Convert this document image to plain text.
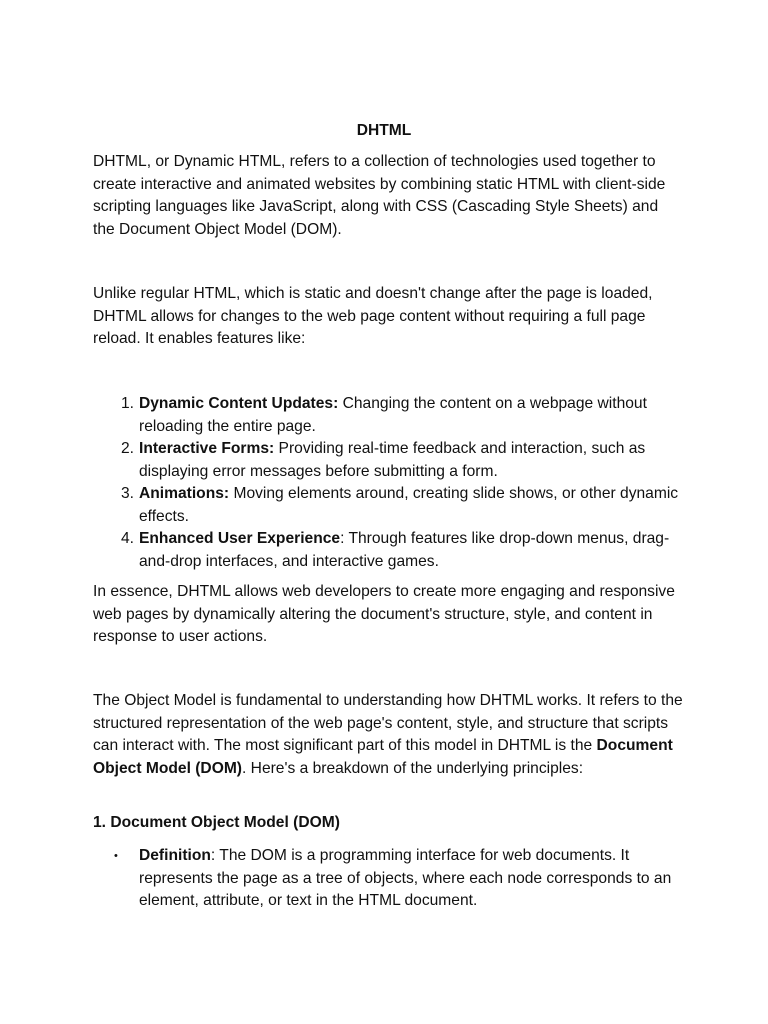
DHTML

DHTML, or Dynamic HTML, refers to a collection of technologies used together to create interactive and animated websites by combining static HTML with client-side scripting languages like JavaScript, along with CSS (Cascading Style Sheets) and the Document Object Model (DOM).

Unlike regular HTML, which is static and doesn't change after the page is loaded, DHTML allows for changes to the web page content without requiring a full page reload. It enables features like:

1. Dynamic Content Updates: Changing the content on a webpage without reloading the entire page.
2. Interactive Forms: Providing real-time feedback and interaction, such as displaying error messages before submitting a form.
3. Animations: Moving elements around, creating slide shows, or other dynamic effects.
4. Enhanced User Experience: Through features like drop-down menus, drag-and-drop interfaces, and interactive games.

In essence, DHTML allows web developers to create more engaging and responsive web pages by dynamically altering the document's structure, style, and content in response to user actions.

The Object Model is fundamental to understanding how DHTML works. It refers to the structured representation of the web page's content, style, and structure that scripts can interact with. The most significant part of this model in DHTML is the Document Object Model (DOM). Here's a breakdown of the underlying principles:

1. Document Object Model (DOM)

•	Definition: The DOM is a programming interface for web documents. It represents the page as a tree of objects, where each node corresponds to an element, attribute, or text in the HTML document.
